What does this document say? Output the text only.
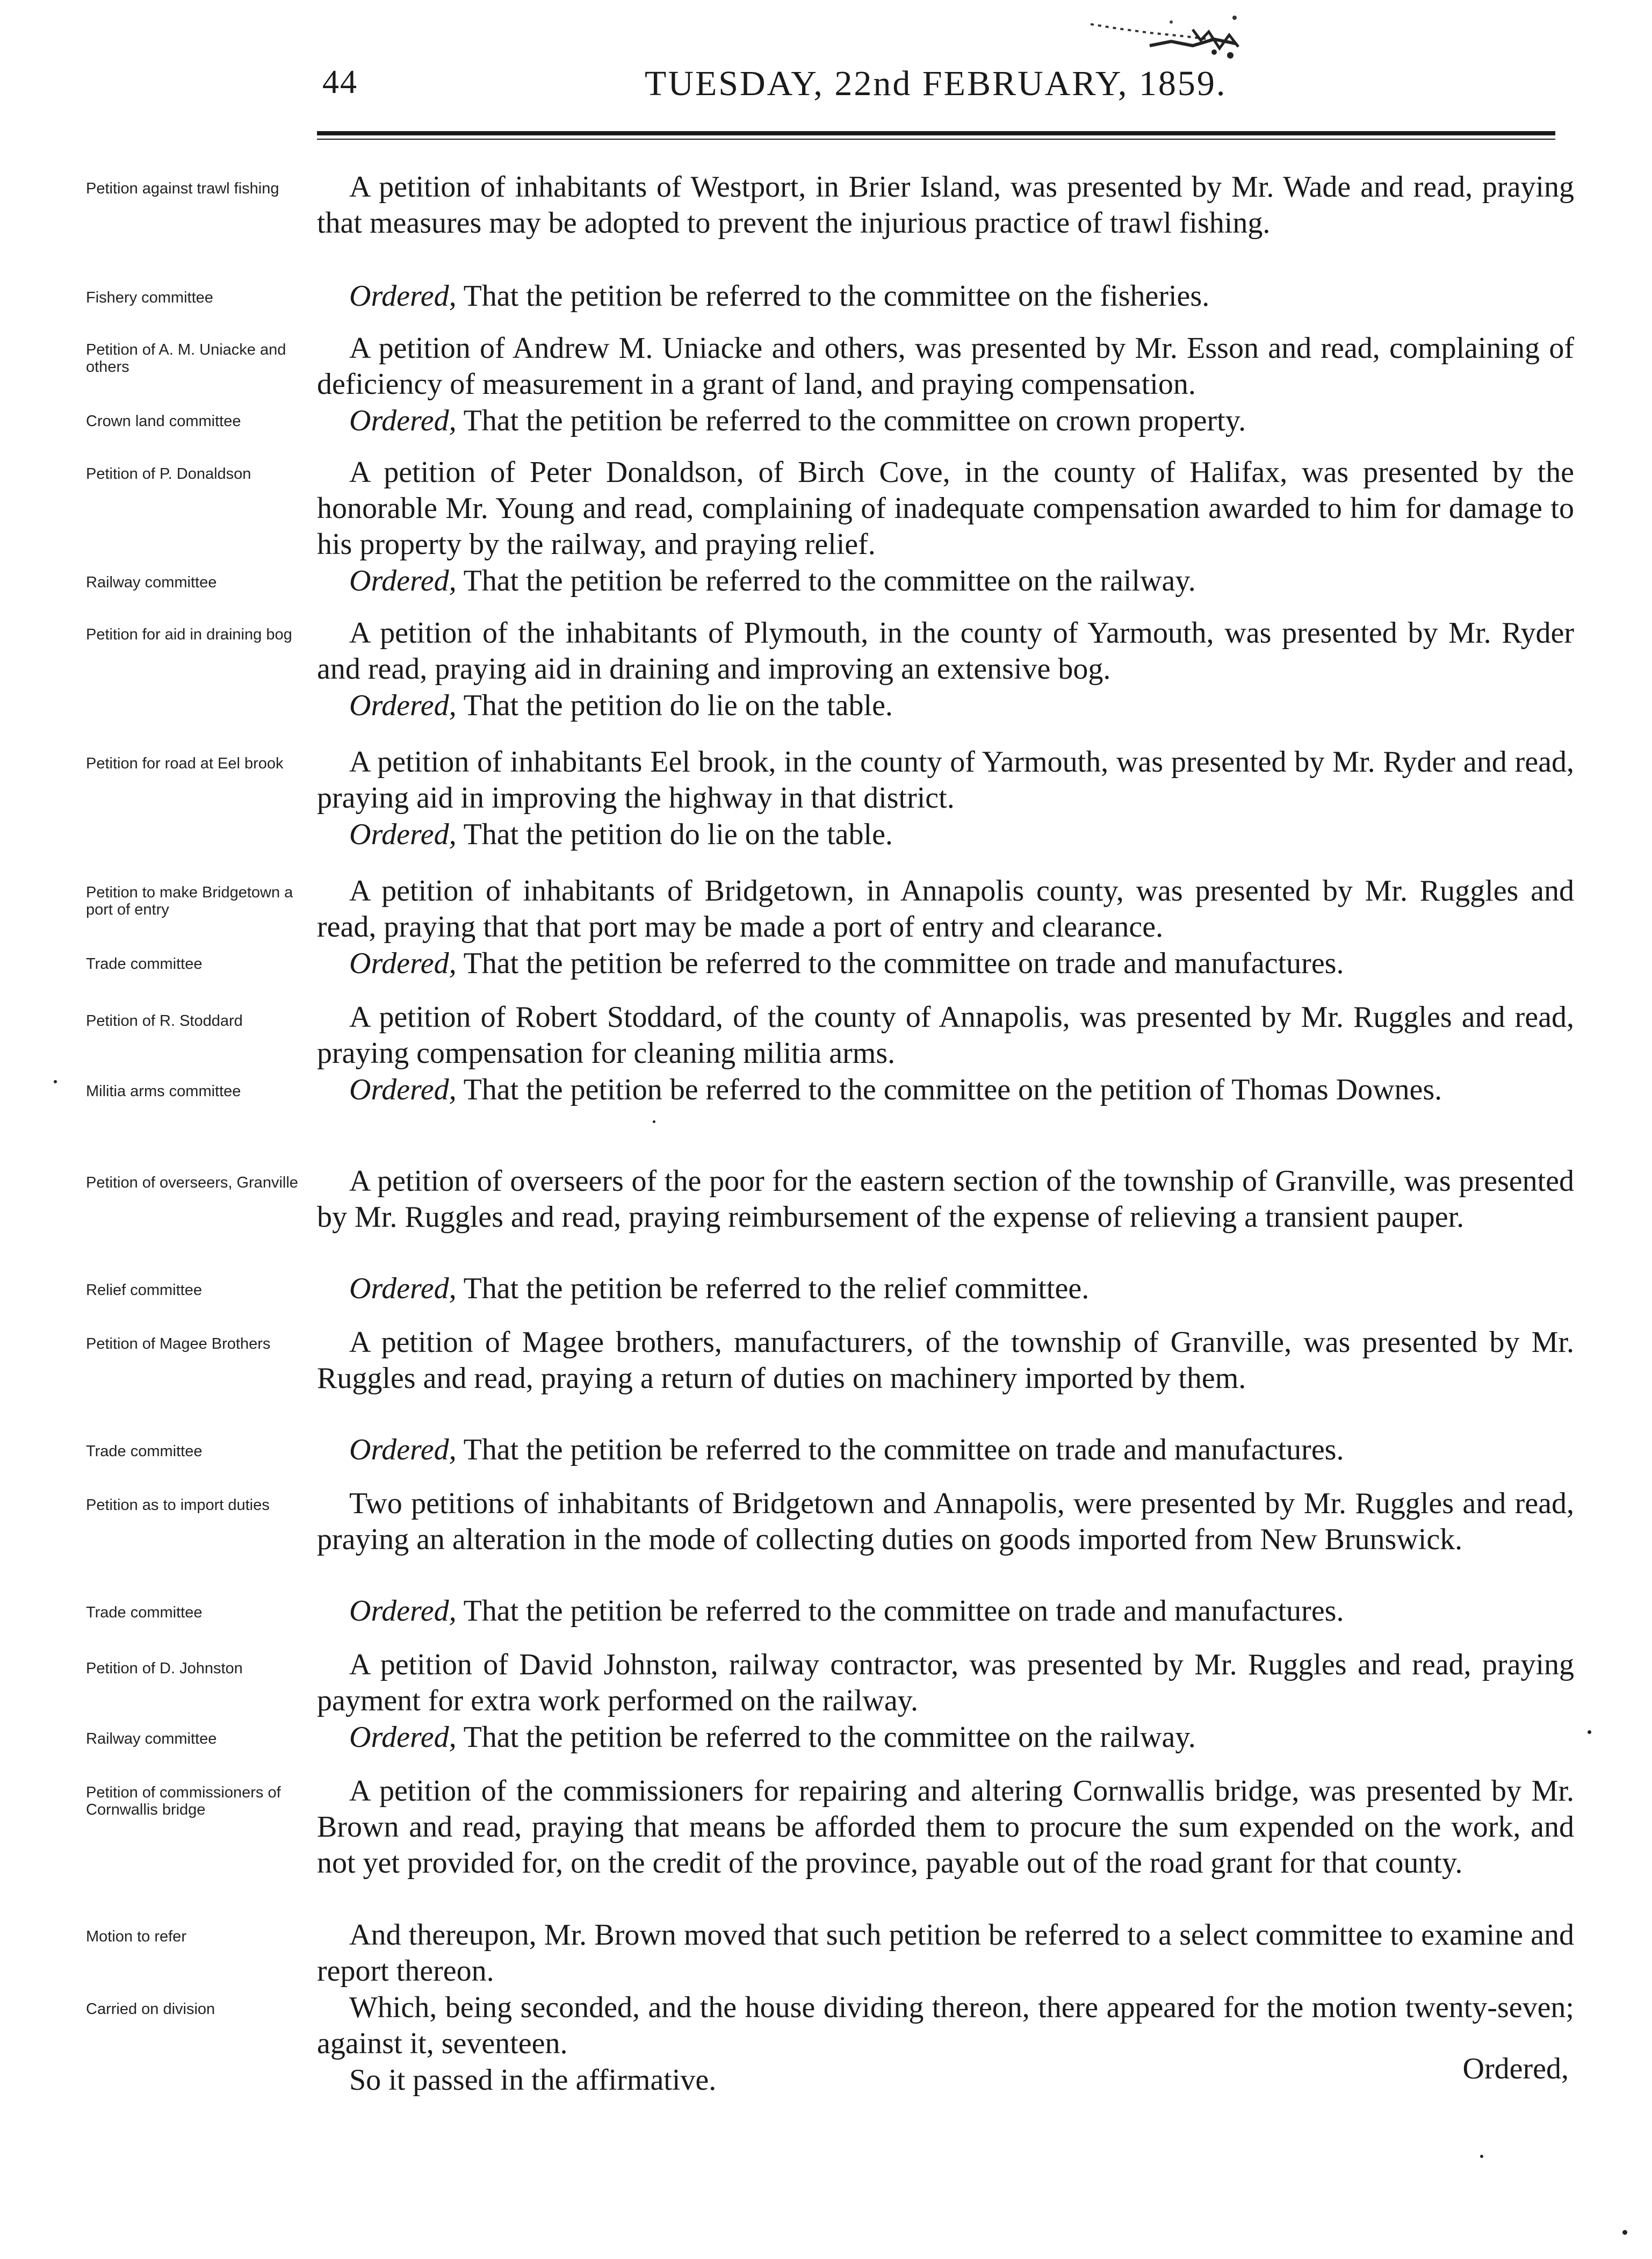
44	TUESDAY, 22nd FEBRUARY, 1859.
Petition against trawl fishing	A petition of inhabitants of Westport, in Brier Island, was presented by Mr. Wade and read, praying that measures may be adopted to prevent the injurious practice of trawl fishing.
Fishery committee	Ordered, That the petition be referred to the committee on the fisheries.
Petition of A. M. Uniacke and others
A petition of Andrew M. Uniacke and others, was presented by Mr. Esson and read, complaining of deficiency of measurement in a grant of land, and praying compensation.
Crown land committee	Ordered, That the petition be referred to the committee on crown property.
Petition of P. Donaldson	A petition of Peter Donaldson, of Birch Cove, in the county of Halifax, was presented by the honorable Mr. Young and read, complaining of inadequate compensation awarded to him for damage to his property by the railway, and praying relief.
Railway committee	Ordered, That the petition be referred to the committee on the railway.
Petition for aid in draining bog	A petition of the inhabitants of Plymouth, in the county of Yarmouth, was presented by Mr. Ryder and read, praying aid in draining and improving an extensive bog.
Ordered, That the petition do lie on the table.
Petition for road at Eel brook	A petition of inhabitants Eel brook, in the county of Yarmouth, was presented by Mr. Ryder and read, praying aid in improving the highway in that district.
Ordered, That the petition do lie on the table.
Petition to make Bridgetown a port of entry
A petition of inhabitants of Bridgetown, in Annapolis county, was presented by Mr. Ruggles and read, praying that that port may be made a port of entry and clearance.
Trade committee	Ordered, That the petition be referred to the committee on trade and manufactures.
Petition of R. Stoddard	A petition of Robert Stoddard, of the county of Annapolis, was presented by Mr. Ruggles and read, praying compensation for cleaning militia arms.
Militia arms committee	Ordered, That the petition be referred to the committee on the petition of Thomas Downes.
Petition of overseers, Granville	A petition of overseers of the poor for the eastern section of the township of Granville, was presented by Mr. Ruggles and read, praying reimbursement of the expense of relieving a transient pauper.
Relief committee	Ordered, That the petition be referred to the relief committee.
Petition of Magee Brothers	A petition of Magee brothers, manufacturers, of the township of Granville, was presented by Mr. Ruggles and read, praying a return of duties on machinery imported by them.
Trade committee	Ordered, That the petition be referred to the committee on trade and manufactures.
Petition as to import duties	Two petitions of inhabitants of Bridgetown and Annapolis, were presented by Mr. Ruggles and read, praying an alteration in the mode of collecting duties on goods imported from New Brunswick.
Trade committee	Ordered, That the petition be referred to the committee on trade and manufactures.
Petition of D. Johnston	A petition of David Johnston, railway contractor, was presented by Mr. Ruggles and read, praying payment for extra work performed on the railway.
Railway committee	Ordered, That the petition be referred to the committee on the railway.
Petition of commissioners of Cornwallis bridge
A petition of the commissioners for repairing and altering Cornwallis bridge, was presented by Mr. Brown and read, praying that means be afforded them to procure the sum expended on the work, and not yet provided for, on the credit of the province, payable out of the road grant for that county.
Motion to refer	And thereupon, Mr. Brown moved that such petition be referred to a select committee to examine and report thereon.
Carried on division	Which, being seconded, and the house dividing thereon, there appeared for the motion twenty-seven; against it, seventeen.
So it passed in the affirmative.	Ordered,
